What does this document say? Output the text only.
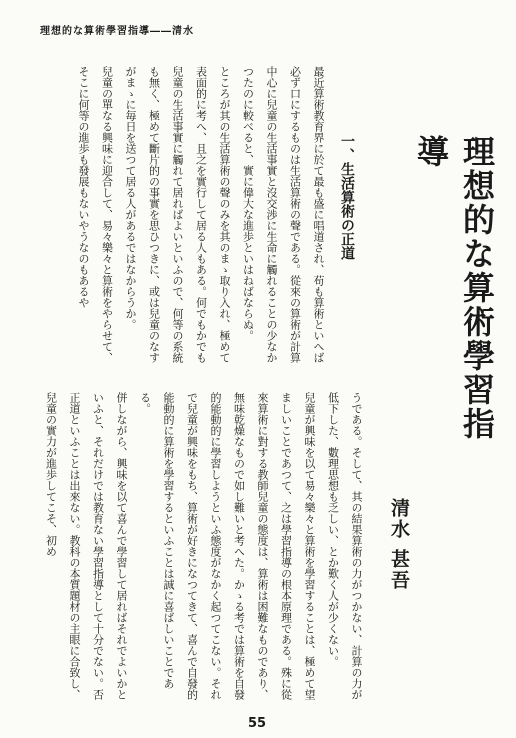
理想的な算術學習指導――清水
理想的な算術學習指導
清水 甚吾
一、生活算術の正道

最近算術教育界に於て最も盛に唱道され、苟も算術といへば必ず口にするものは生活算術の聲である。從來の算術が計算中心に兒童の生活事實と沒交渉に生命に觸れることの少なかつたのに較べると、實に偉大な進歩といはねばならぬ。

ところが其の生活算術の聲のみを其のまゝ取り入れ、極めて表面的に考へ、且之を實行して居る人もある。何でもかでも兒童の生活事實に觸れて居ればよいといふので、何等の系統も無く、極めて斷片的の事實を思ひつきに、或は兒童のなすがまゝに毎日を送つて居る人があるではなからうか。

兒童の單なる興味に迎合して、易々樂々と算術をやらせて、そこに何等の進歩も發展もないやうなのもあるや

うである。そして、其の結果算術の力がつかない、計算の力が低下した、數理思想も乏しい、とか歎く人が少くない。

兒童が興味を以て易々樂々と算術を學習することは、極めて望ましいことであつて、之は學習指導の根本原理である。殊に從來算術に對する教師兒童の態度は、算術は困難なものであり、無味乾燥なもので如し難いと考へた。かゝる考では算術を自發的能動的に學習しようといふ態度がなかく起つてこない。それで兒童が興味をもち、算術が好きになつてきて、喜んで自發的能動的に算術を學習するといふことは誠に喜ばしいことである。

併しながら、興味を以て喜んで學習して居ればそれでよいかといふと、それだけでは教育ない學習指導として十分でない。否正道といふことは出來ない。教科の本質題材の主眼に合致し、兒童の實力が進歩してこそ、初め

55
